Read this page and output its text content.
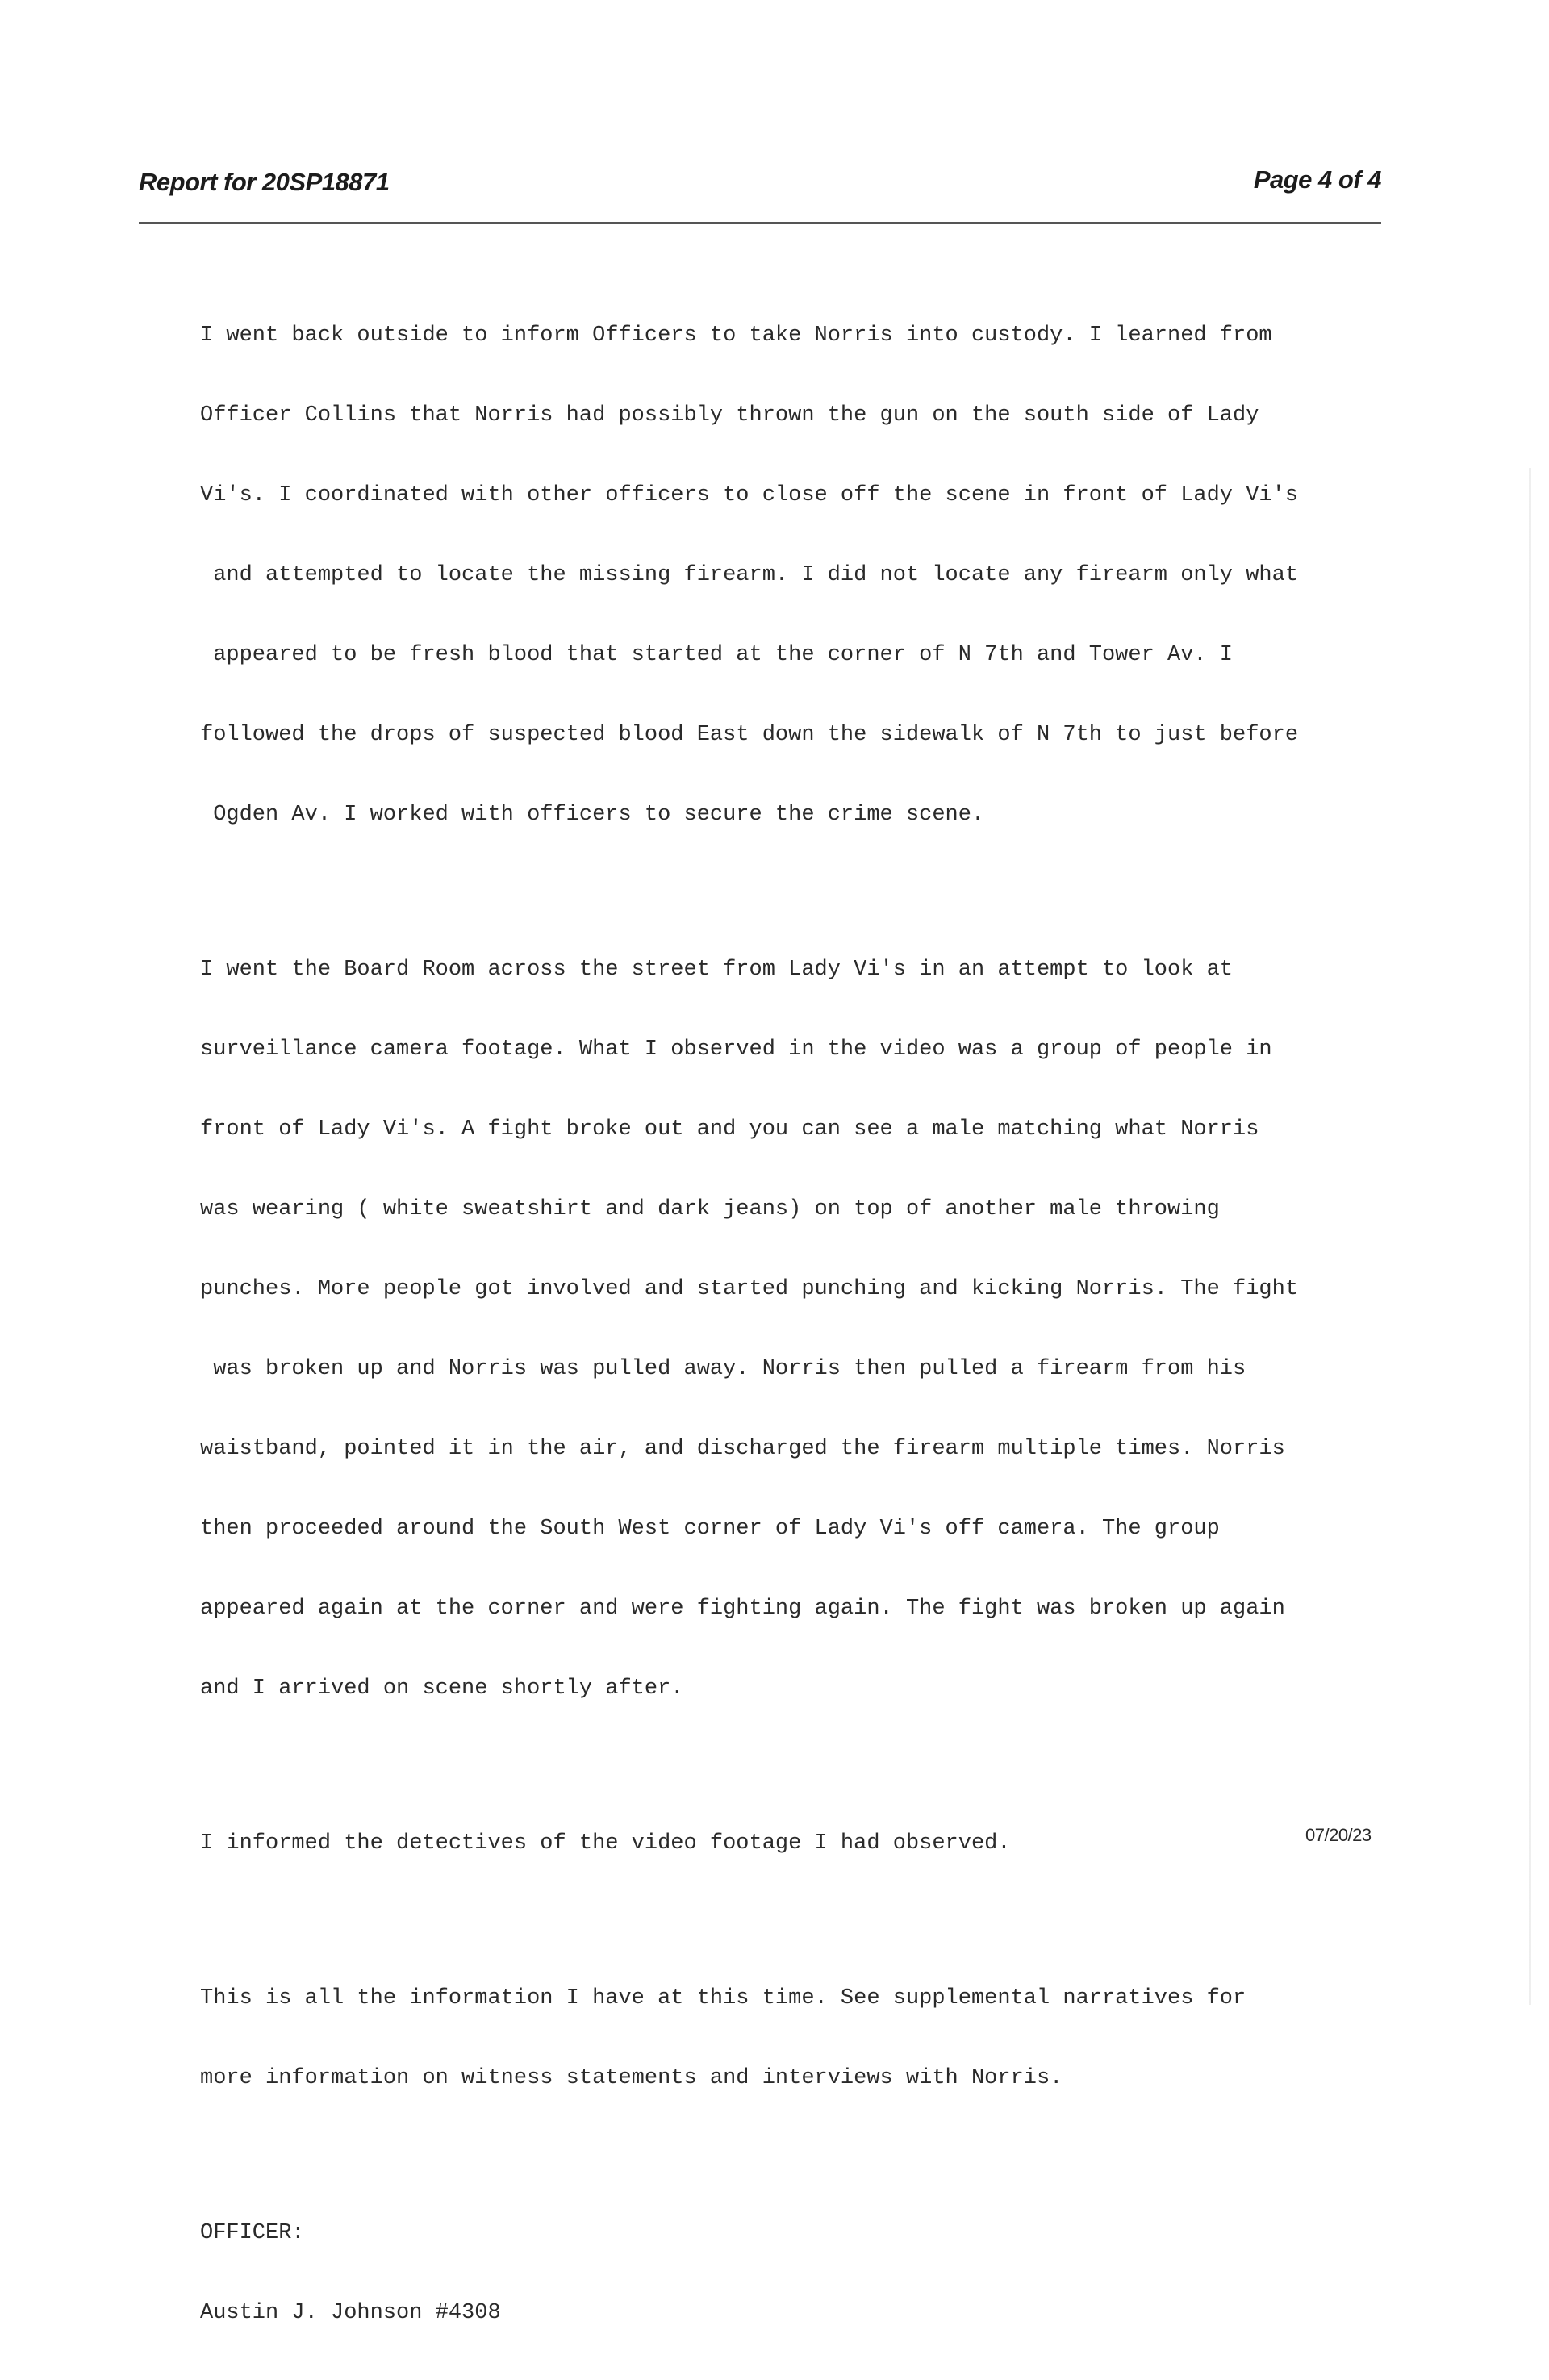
Report for 20SP18871	Page 4 of 4

I went back outside to inform Officers to take Norris into custody. I learned from

Officer Collins that Norris had possibly thrown the gun on the south side of Lady

Vi's. I coordinated with other officers to close off the scene in front of Lady Vi's

and attempted to locate the missing firearm. I did not locate any firearm only what

appeared to be fresh blood that started at the corner of N 7th and Tower Av. I

followed the drops of suspected blood East down the sidewalk of N 7th to just before

Ogden Av. I worked with officers to secure the crime scene.

I went the Board Room across the street from Lady Vi's in an attempt to look at

surveillance camera footage. What I observed in the video was a group of people in

front of Lady Vi's. A fight broke out and you can see a male matching what Norris

was wearing ( white sweatshirt and dark jeans) on top of another male throwing

punches. More people got involved and started punching and kicking Norris. The fight

was broken up and Norris was pulled away. Norris then pulled a firearm from his

waistband, pointed it in the air, and discharged the firearm multiple times. Norris

then proceeded around the South West corner of Lady Vi's off camera. The group

appeared again at the corner and were fighting again. The fight was broken up again

and I arrived on scene shortly after.

I informed the detectives of the video footage I had observed.

This is all the information I have at this time. See supplemental narratives for

more information on witness statements and interviews with Norris.

OFFICER:

Austin J. Johnson #4308

07/20/23
